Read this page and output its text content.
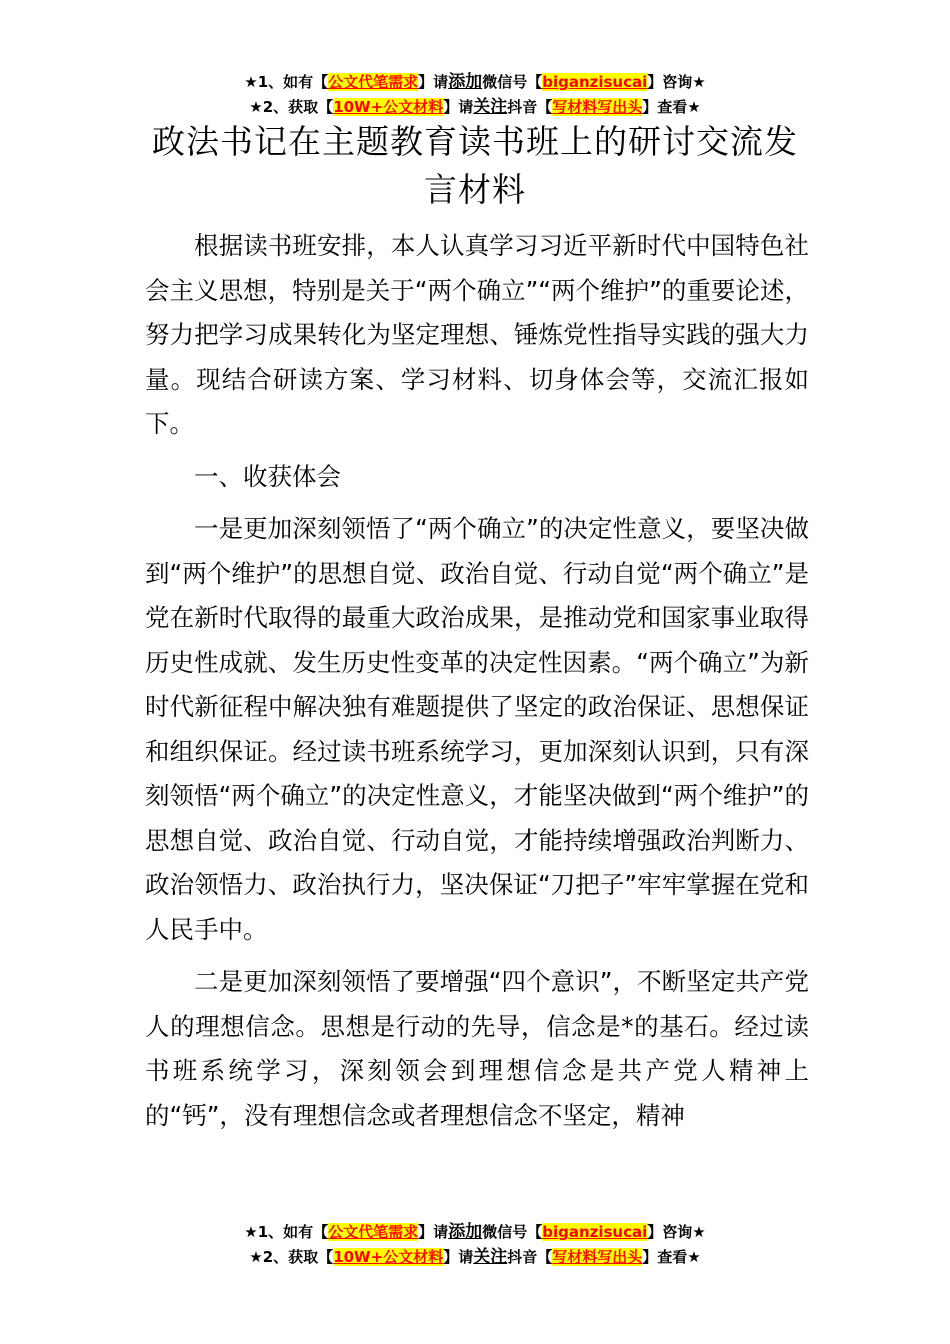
★1、如有【公文代笔需求】请添加微信号【biganzisucai】咨询★
★2、获取【10W+公文材料】请关注抖音【写材料写出头】查看★
政法书记在主题教育读书班上的研讨交流发言材料

根据读书班安排，本人认真学习习近平新时代中国特色社会主义思想，特别是关于“两个确立”“两个维护”的重要论述，努力把学习成果转化为坚定理想、锤炼党性指导实践的强大力量。现结合研读方案、学习材料、切身体会等，交流汇报如下。

一、收获体会

一是更加深刻领悟了“两个确立”的决定性意义，要坚决做到“两个维护”的思想自觉、政治自觉、行动自觉“两个确立”是党在新时代取得的最重大政治成果，是推动党和国家事业取得历史性成就、发生历史性变革的决定性因素。“两个确立”为新时代新征程中解决独有难题提供了坚定的政治保证、思想保证和组织保证。经过读书班系统学习，更加深刻认识到，只有深刻领悟“两个确立”的决定性意义，才能坚决做到“两个维护”的思想自觉、政治自觉、行动自觉，才能持续增强政治判断力、政治领悟力、政治执行力，坚决保证“刀把子”牢牢掌握在党和人民手中。

二是更加深刻领悟了要增强“四个意识”，不断坚定共产党人的理想信念。思想是行动的先导，信念是*的基石。经过读书班系统学习，深刻领会到理想信念是共产党人精神上的“钙”，没有理想信念或者理想信念不坚定，精神

★1、如有【公文代笔需求】请添加微信号【biganzisucai】咨询★
★2、获取【10W+公文材料】请关注抖音【写材料写出头】查看★
